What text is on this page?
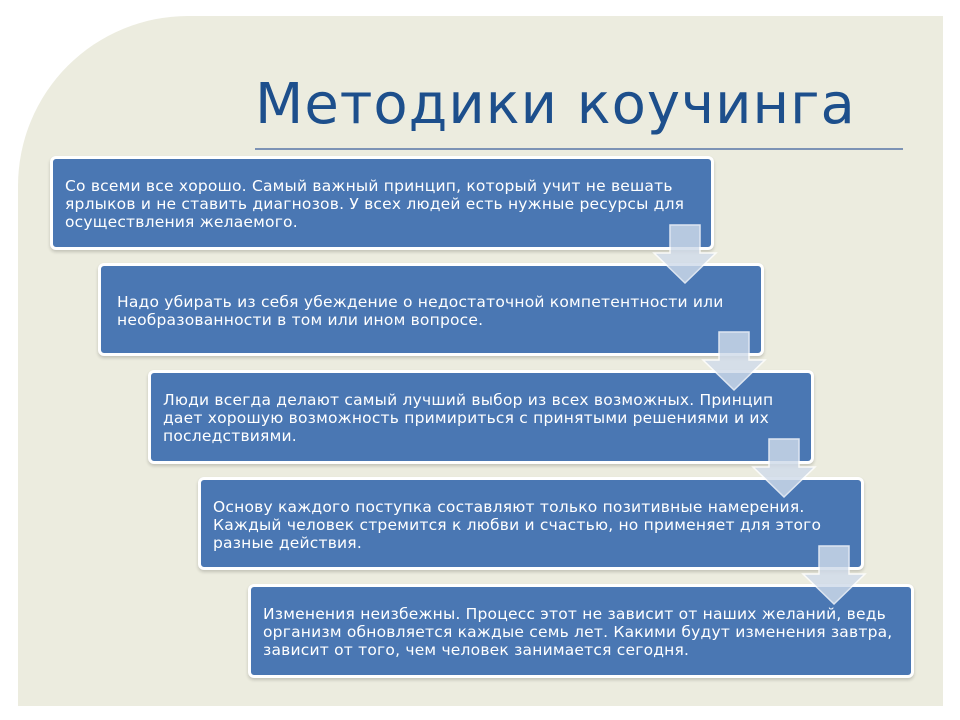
Методики коучинга
Со всеми все хорошо. Самый важный принцип, который учит не вешать ярлыков и не ставить диагнозов. У всех людей есть нужные ресурсы для осуществления желаемого.
Надо убирать из себя убеждение о недостаточной компетентности или необразованности в том или ином вопросе.
Люди всегда делают самый лучший выбор из всех возможных. Принцип дает хорошую возможность примириться с принятыми решениями и их последствиями.
Основу каждого поступка составляют только позитивные намерения. Каждый человек стремится к любви и счастью, но применяет для этого разные действия.
Изменения неизбежны. Процесс этот не зависит от наших желаний, ведь организм обновляется каждые семь лет. Какими будут изменения завтра, зависит от того, чем человек занимается сегодня.
